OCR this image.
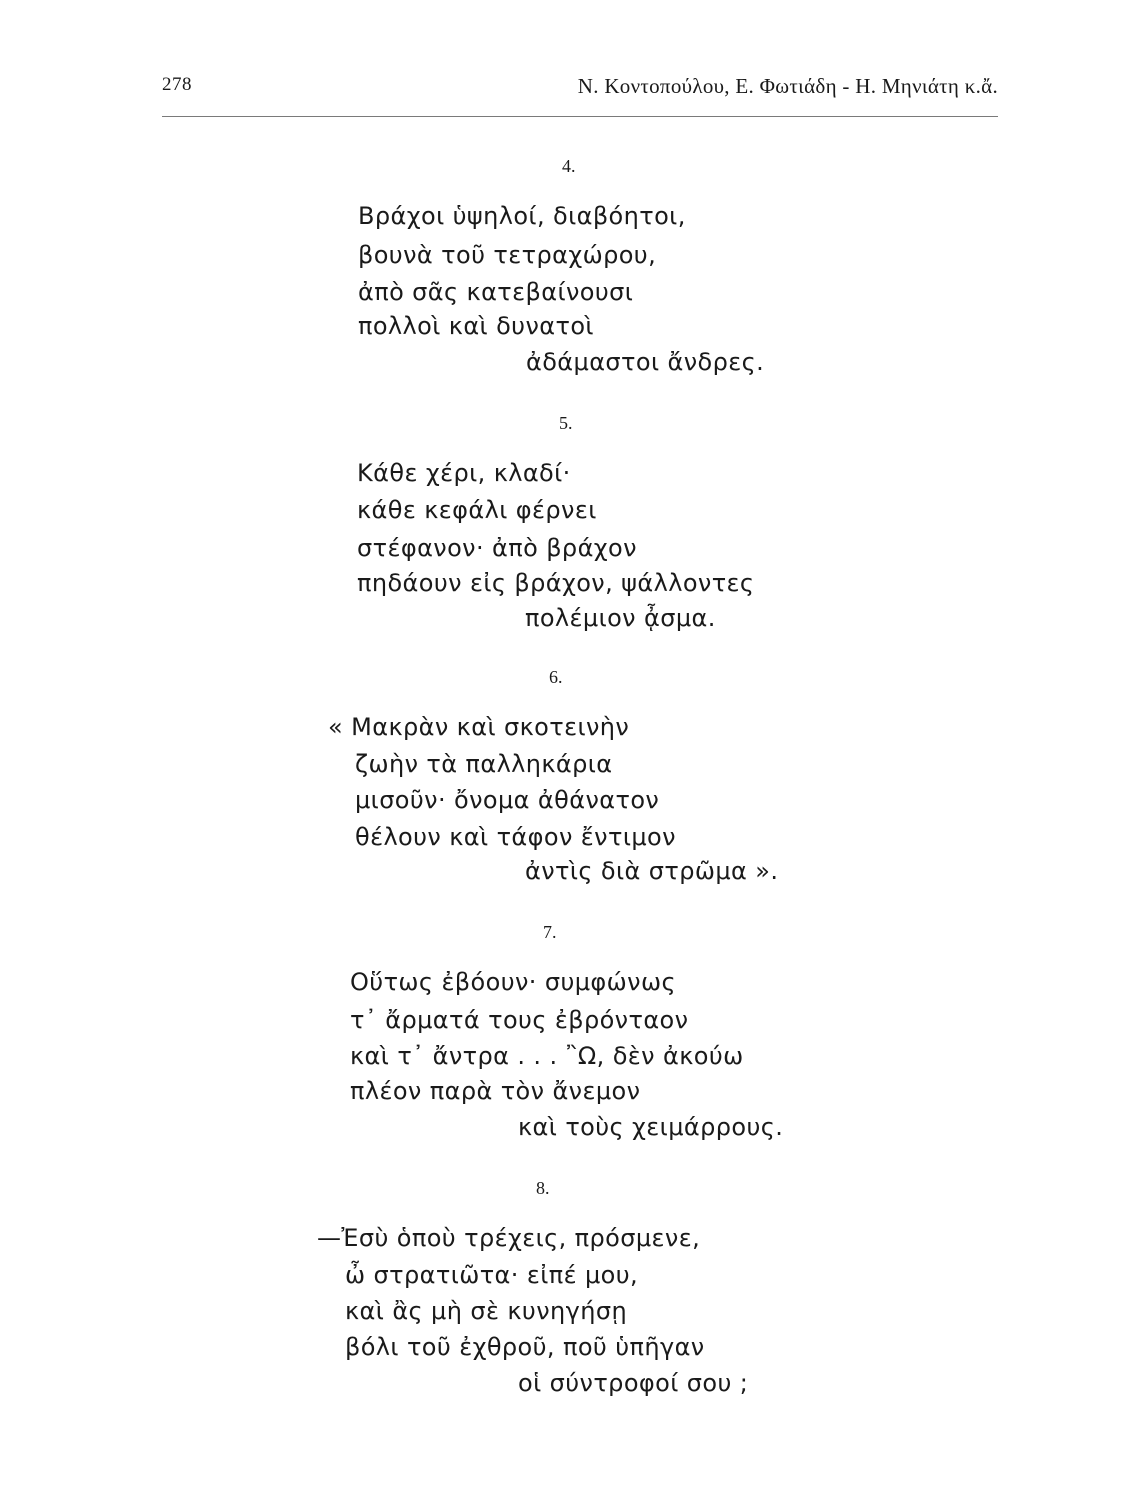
278	Ν. Κοντοπούλου, Ε. Φωτιάδη - Η. Μηνιάτη κ.ἄ.
4.
Βράχοι ὑψηλοί, διαβόητοι,
βουνὰ τοῦ τετραχώρου,
ἀπὸ σᾶς κατεβαίνουσι
πολλοὶ καὶ δυνατοὶ
ἀδάμαστοι ἄνδρες.
5.
Κάθε χέρι, κλαδί·
κάθε κεφάλι φέρνει
στέφανον· ἀπὸ βράχον
πηδάουν εἰς βράχον, ψάλλοντες
πολέμιον ᾆσμα.
6.
« Μακρὰν καὶ σκοτεινὴν
ζωὴν τὰ παλληκάρια
μισοῦν· ὄνομα ἀθάνατον
θέλουν καὶ τάφον ἔντιμον
ἀντὶς διὰ στρῶμα ».
7.
Οὕτως ἐβόουν· συμφώνως
τ᾽ ἄρματά τους ἐβρόνταον
καὶ τ᾽ ἄντρα . . . ῍Ω, δὲν ἀκούω
πλέον παρὰ τὸν ἄνεμον
καὶ τοὺς χειμάρρους.
8.
—Ἐσὺ ὁποὺ τρέχεις, πρόσμενε,
ὦ στρατιῶτα· εἰπέ μου,
καὶ ἂς μὴ σὲ κυνηγήσῃ
βόλι τοῦ ἐχθροῦ, ποῦ ὑπῆγαν
οἱ σύντροφοί σου ;
